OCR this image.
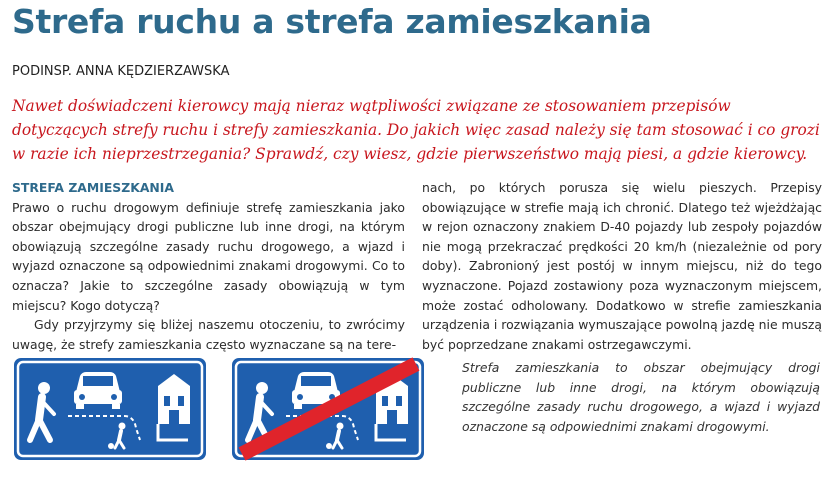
Strefa ruchu a strefa zamieszkania
PODINSP. ANNA KĘDZIERZAWSKA

Nawet doświadczeni kierowcy mają nieraz wątpliwości związane ze stosowaniem przepisów dotyczących strefy ruchu i strefy zamieszkania. Do jakich więc zasad należy się tam stosować i co grozi w razie ich nieprzestrzegania? Sprawdź, czy wiesz, gdzie pierwszeństwo mają piesi, a gdzie kierowcy.

STREFA ZAMIESZKANIA

Prawo o ruchu drogowym definiuje strefę zamieszkania jako obszar obejmujący drogi publiczne lub inne drogi, na którym obowiązują szczególne zasady ruchu drogowego, a wjazd i wyjazd oznaczone są odpowiednimi znakami drogowymi. Co to oznacza? Jakie to szczególne zasady obowiązują w tym miejscu? Kogo dotyczą?

Gdy przyjrzymy się bliżej naszemu otoczeniu, to zwrócimy uwagę, że strefy zamieszkania często wyznaczane są na tere-

nach, po których porusza się wielu pieszych. Przepisy obowiązujące w strefie mają ich chronić. Dlatego też wjeżdżając w rejon oznaczony znakiem D-40 pojazdy lub zespoły pojazdów nie mogą przekraczać prędkości 20 km/h (niezależnie od pory doby). Zabronioný jest postój w innym miejscu, niż do tego wyznaczone. Pojazd zostawiony poza wyznaczonym miejscem, może zostać odholowany. Dodatkowo w strefie zamieszkania urządzenia i rozwiązania wymuszające powolną jazdę nie muszą być poprzedzane znakami ostrzegawczymi.

Strefa zamieszkania to obszar obejmujący drogi publiczne lub inne drogi, na którym obowiązują szczególne zasady ruchu drogowego, a wjazd i wyjazd oznaczone są odpowiednimi znakami drogowymi.
